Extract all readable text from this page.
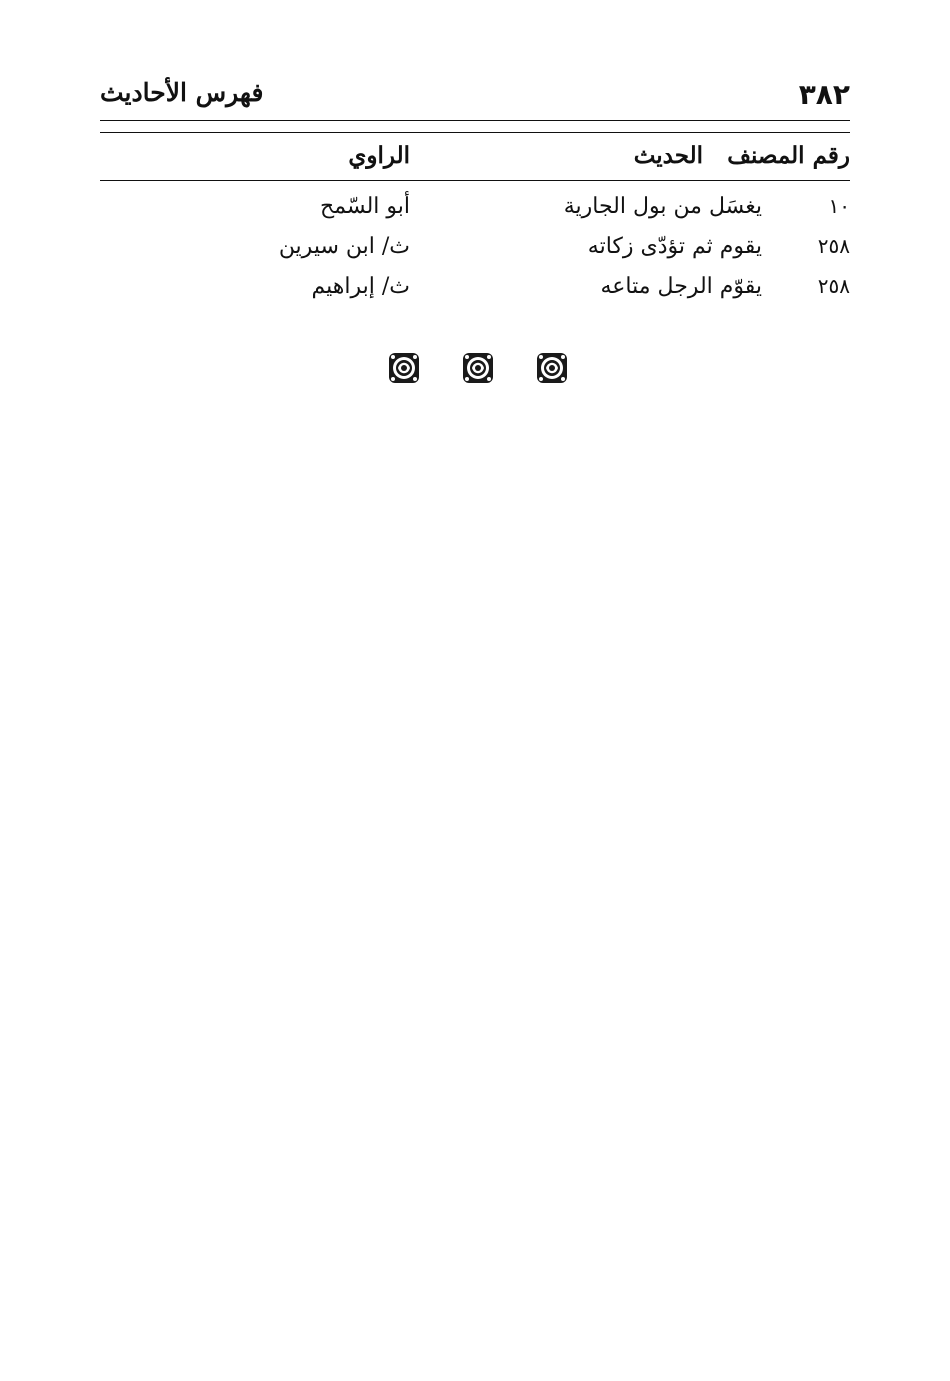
٣٨٢
فهرس الأحاديث
رقم المصنف
الحديث
الراوي
١٠
يغسَل من بول الجارية
أبو السّمح
٢٥٨
يقوم ثم تؤدّى زكاته
ث/ ابن سيرين
٢٥٨
يقوّم الرجل متاعه
ث/ إبراهيم
